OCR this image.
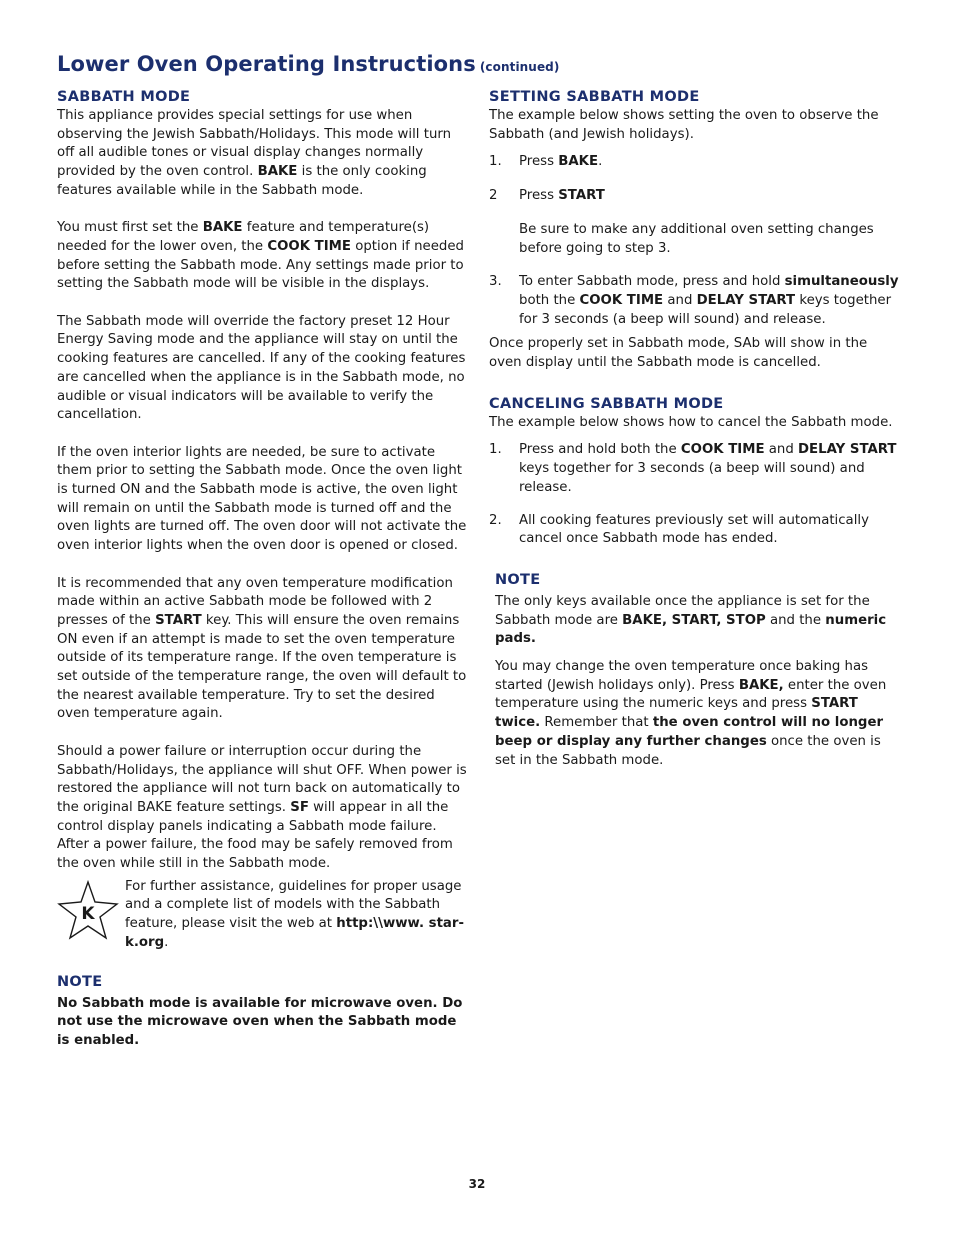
Lower Oven Operating Instructions (continued)
SABBATH MODE

This appliance provides special settings for use when observing the Jewish Sabbath/Holidays. This mode will turn off all audible tones or visual display changes normally provided by the oven control. BAKE is the only cooking features available while in the Sabbath mode.

You must first set the BAKE feature and temperature(s) needed for the lower oven, the COOK TIME option if needed before setting the Sabbath mode. Any settings made prior to setting the Sabbath mode will be visible in the displays.

The Sabbath mode will override the factory preset 12 Hour Energy Saving mode and the appliance will stay on until the cooking features are cancelled. If any of the cooking features are cancelled when the appliance is in the Sabbath mode, no audible or visual indicators will be available to verify the cancellation.

If the oven interior lights are needed, be sure to activate them prior to setting the Sabbath mode. Once the oven light is turned ON and the Sabbath mode is active, the oven light will remain on until the Sabbath mode is turned off and the oven lights are turned off. The oven door will not activate the oven interior lights when the oven door is opened or closed.

It is recommended that any oven temperature modification made within an active Sabbath mode be followed with 2 presses of the START key. This will ensure the oven remains ON even if an attempt is made to set the oven temperature outside of its temperature range. If the oven temperature is set outside of the temperature range, the oven will default to the nearest available temperature. Try to set the desired oven temperature again.

Should a power failure or interruption occur during the Sabbath/Holidays, the appliance will shut OFF. When power is restored the appliance will not turn back on automatically to the original BAKE feature settings. SF will appear in all the control display panels indicating a Sabbath mode failure. After a power failure, the food may be safely removed from the oven while still in the Sabbath mode.

K

For further assistance, guidelines for proper usage and a complete list of models with the Sabbath feature, please visit the web at http:\\www. star-k.org.

NOTE

No Sabbath mode is available for microwave oven. Do not use the microwave oven when the Sabbath mode is enabled.

SETTING SABBATH MODE

The example below shows setting the oven to observe the Sabbath (and Jewish holidays).

1.	Press BAKE.
2	Press START

Be sure to make any additional oven setting changes before going to step 3.

3.	To enter Sabbath mode, press and hold simultaneously both the COOK TIME and DELAY START keys together for 3 seconds (a beep will sound) and release.

Once properly set in Sabbath mode, SAb will show in the oven display until the Sabbath mode is cancelled.

CANCELING SABBATH MODE

The example below shows how to cancel the Sabbath mode.

1.	Press and hold both the COOK TIME and DELAY START keys together for 3 seconds (a beep will sound) and release.
2.	All cooking features previously set will automatically cancel once Sabbath mode has ended.
NOTE

The only keys available once the appliance is set for the Sabbath mode are BAKE, START, STOP and the numeric pads.

You may change the oven temperature once baking has started (Jewish holidays only). Press BAKE, enter the oven temperature using the numeric keys and press START twice. Remember that the oven control will no longer beep or display any further changes once the oven is set in the Sabbath mode.

32
